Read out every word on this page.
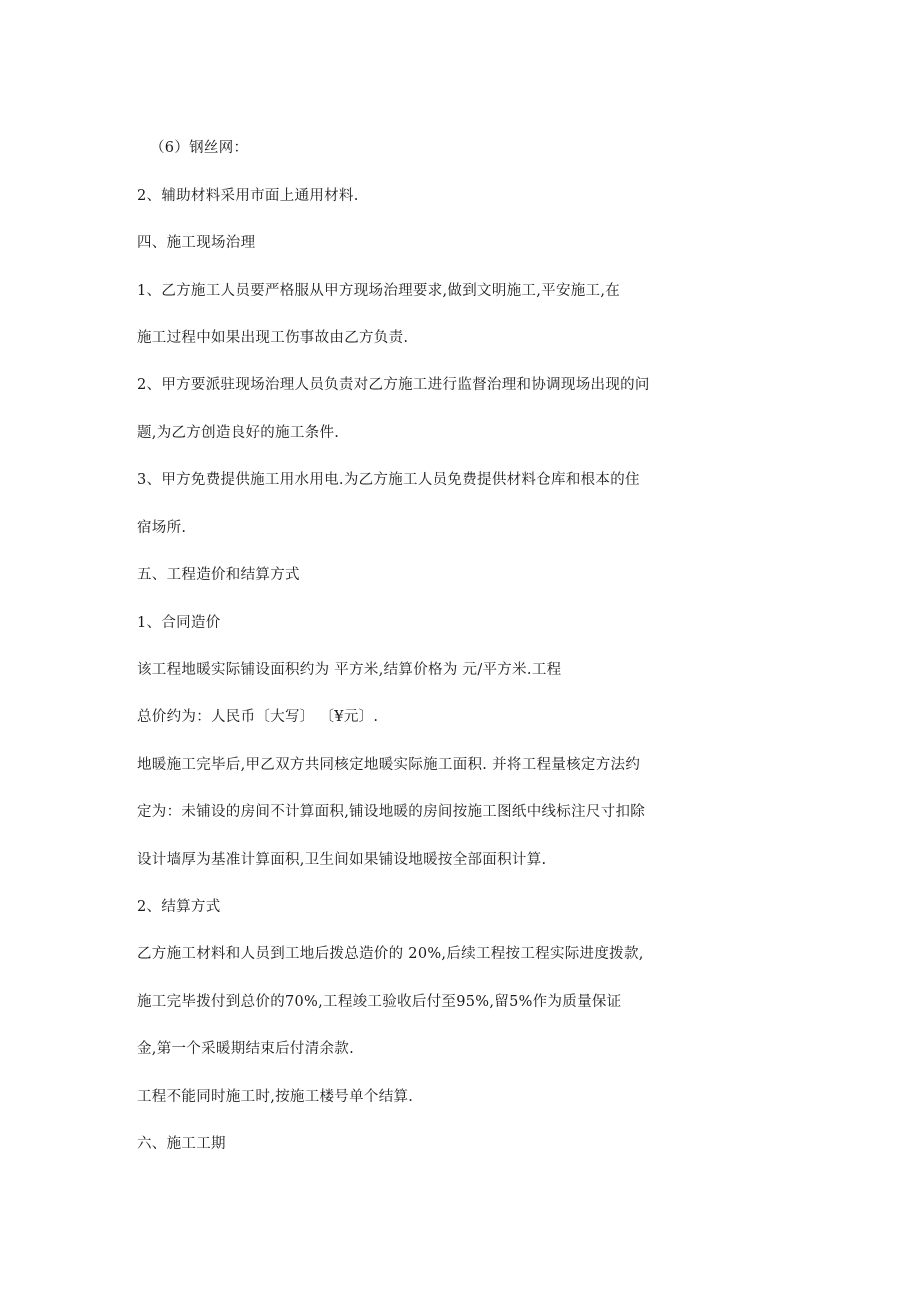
（6）钢丝网：
2、辅助材料采用市面上通用材料.
四、施工现场治理
1、乙方施工人员要严格服从甲方现场治理要求,做到文明施工,平安施工,在
施工过程中如果出现工伤事故由乙方负责.
2、甲方要派驻现场治理人员负责对乙方施工进行监督治理和协调现场出现的问
题,为乙方创造良好的施工条件.
3、甲方免费提供施工用水用电.为乙方施工人员免费提供材料仓库和根本的住
宿场所.
五、工程造价和结算方式
1、合同造价
该工程地暖实际铺设面积约为 平方米,结算价格为 元/平方米.工程
总价约为：人民币〔大写〕 〔¥元〕.
地暖施工完毕后,甲乙双方共同核定地暖实际施工面积. 并将工程量核定方法约
定为：未铺设的房间不计算面积,铺设地暖的房间按施工图纸中线标注尺寸扣除
设计墙厚为基准计算面积,卫生间如果铺设地暖按全部面积计算.
2、结算方式
乙方施工材料和人员到工地后拨总造价的 20%,后续工程按工程实际进度拨款,
施工完毕拨付到总价的70%,工程竣工验收后付至95%,留5%作为质量保证
金,第一个采暖期结束后付清余款.
工程不能同时施工时,按施工楼号单个结算.
六、施工工期
